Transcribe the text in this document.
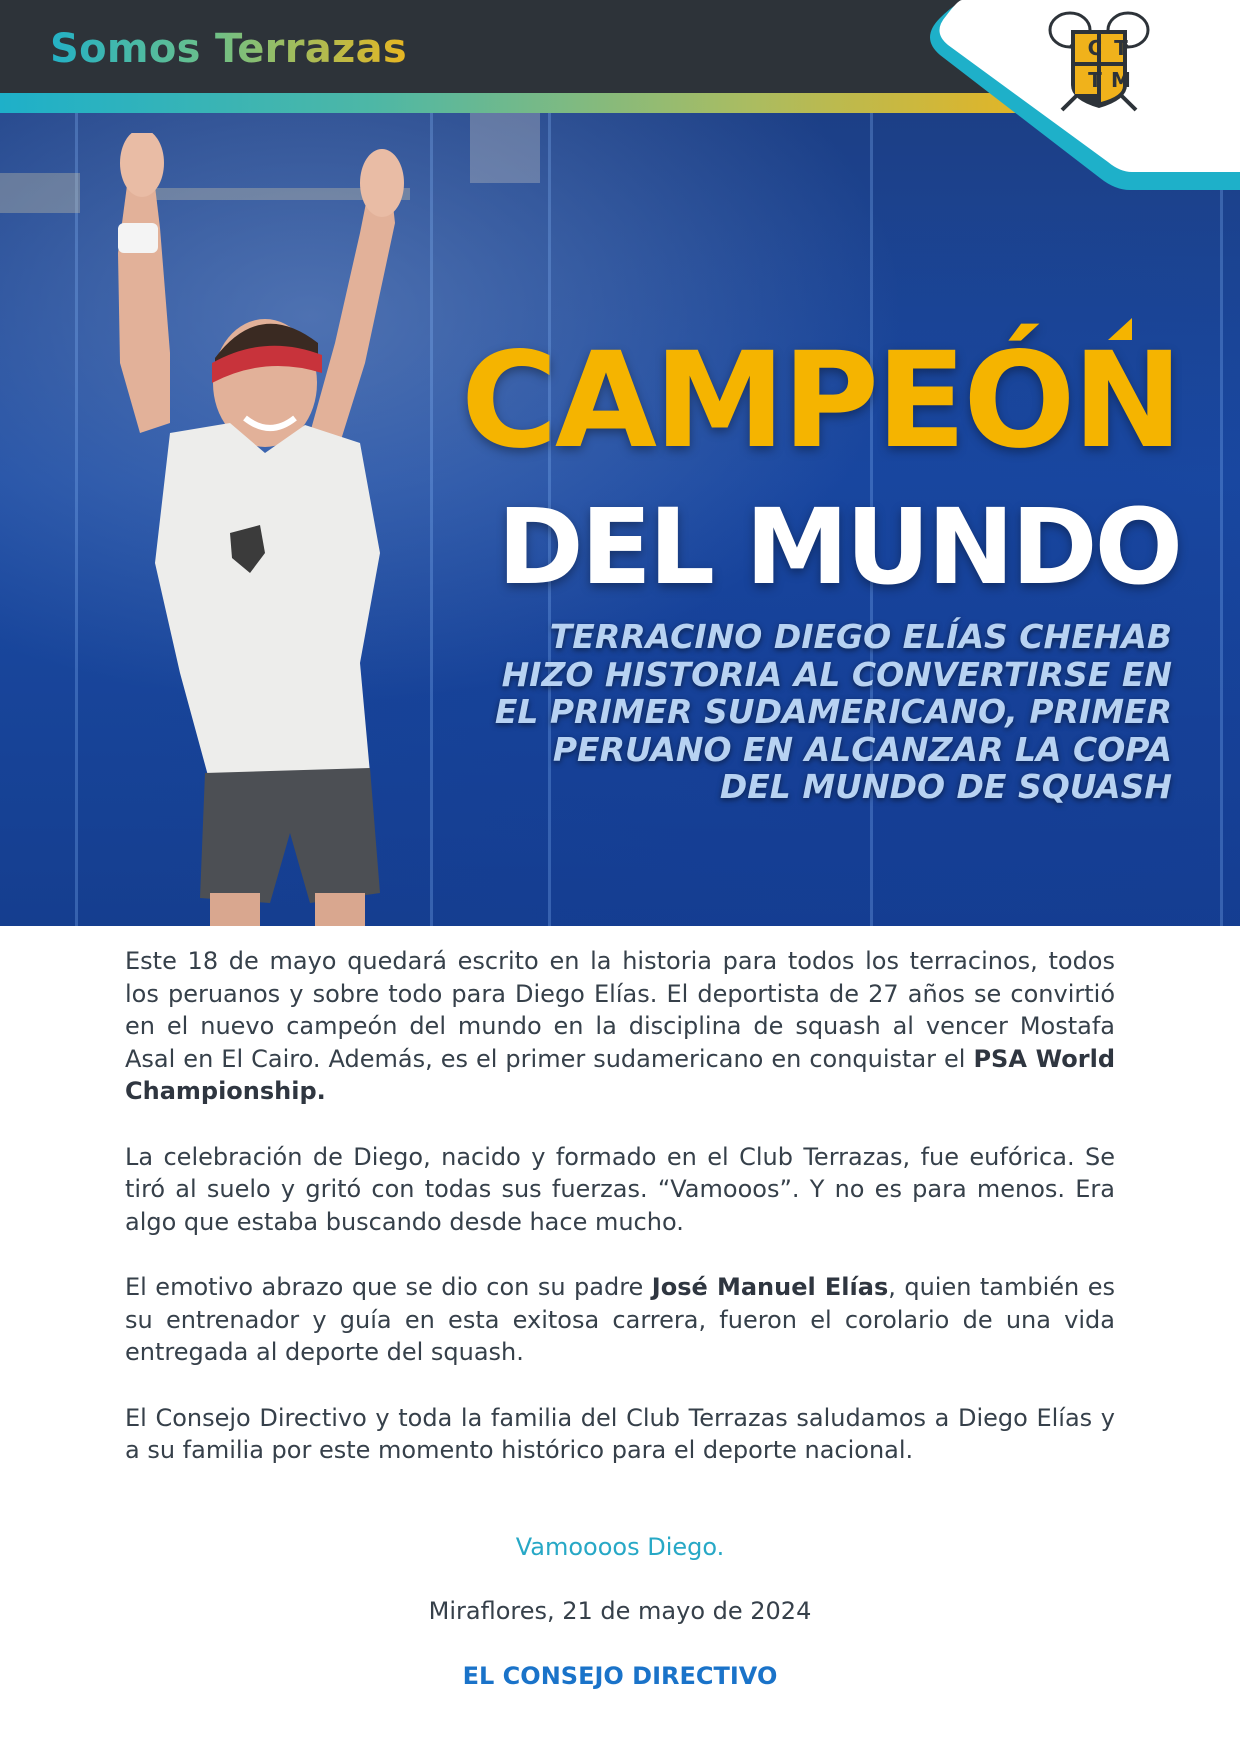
Somos Terrazas
CAMPEÓN
DEL MUNDO
TERRACINO DIEGO ELÍAS CHEHAB
HIZO HISTORIA AL CONVERTIRSE EN
EL PRIMER SUDAMERICANO, PRIMER
PERUANO EN ALCANZAR LA COPA
DEL MUNDO DE SQUASH
C T
T M

Este 18 de mayo quedará escrito en la historia para todos los terracinos, todos los peruanos y sobre todo para Diego Elías. El deportista de 27 años se convirtió en el nuevo campeón del mundo en la disciplina de squash al vencer Mostafa Asal en El Cairo. Además, es el primer sudamericano en conquistar el PSA World Championship.

La celebración de Diego, nacido y formado en el Club Terrazas, fue eufórica. Se tiró al suelo y gritó con todas sus fuerzas. “Vamooos”. Y no es para menos. Era algo que estaba buscando desde hace mucho.

El emotivo abrazo que se dio con su padre José Manuel Elías, quien también es su entrenador y guía en esta exitosa carrera, fueron el corolario de una vida entregada al deporte del squash.

El Consejo Directivo y toda la familia del Club Terrazas saludamos a Diego Elías y a su familia por este momento histórico para el deporte nacional.

Vamoooos Diego.
Miraflores, 21 de mayo de 2024
EL CONSEJO DIRECTIVO
